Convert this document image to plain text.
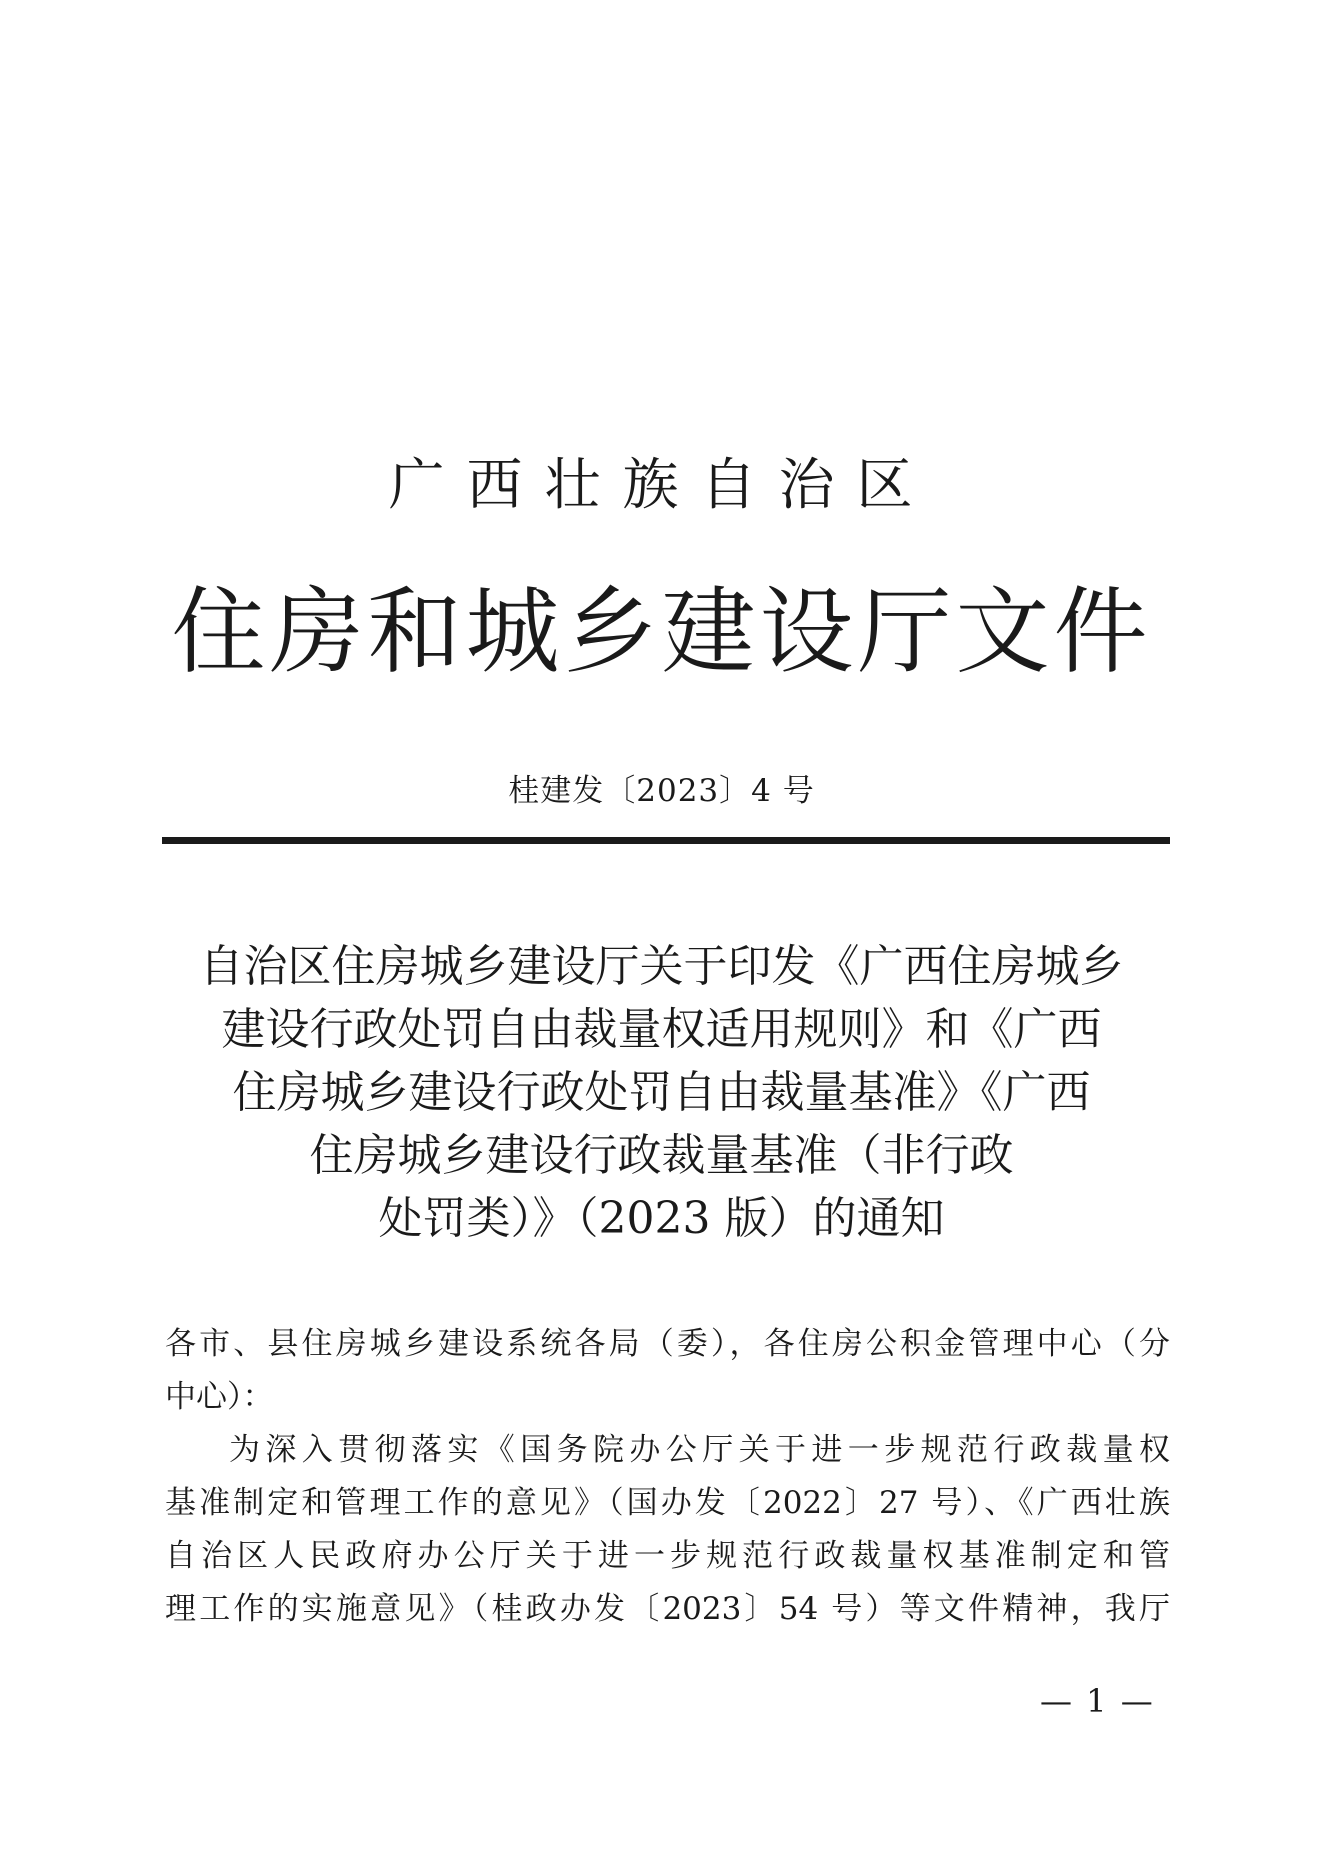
广西壮族自治区
住房和城乡建设厅文件
桂建发〔2023〕4 号
自治区住房城乡建设厅关于印发《广西住房城乡
建设行政处罚自由裁量权适用规则》和《广西
住房城乡建设行政处罚自由裁量基准》《广西
住房城乡建设行政裁量基准（非行政
处罚类）》（2023 版）的通知
各市、县住房城乡建设系统各局（委），各住房公积金管理中心（分
中心）：
为深入贯彻落实《国务院办公厅关于进一步规范行政裁量权
基准制定和管理工作的意见》（国办发〔2022〕27 号）、《广西壮族
自治区人民政府办公厅关于进一步规范行政裁量权基准制定和管
理工作的实施意见》（桂政办发〔2023〕54 号）等文件精神，我厅
— 1 —
